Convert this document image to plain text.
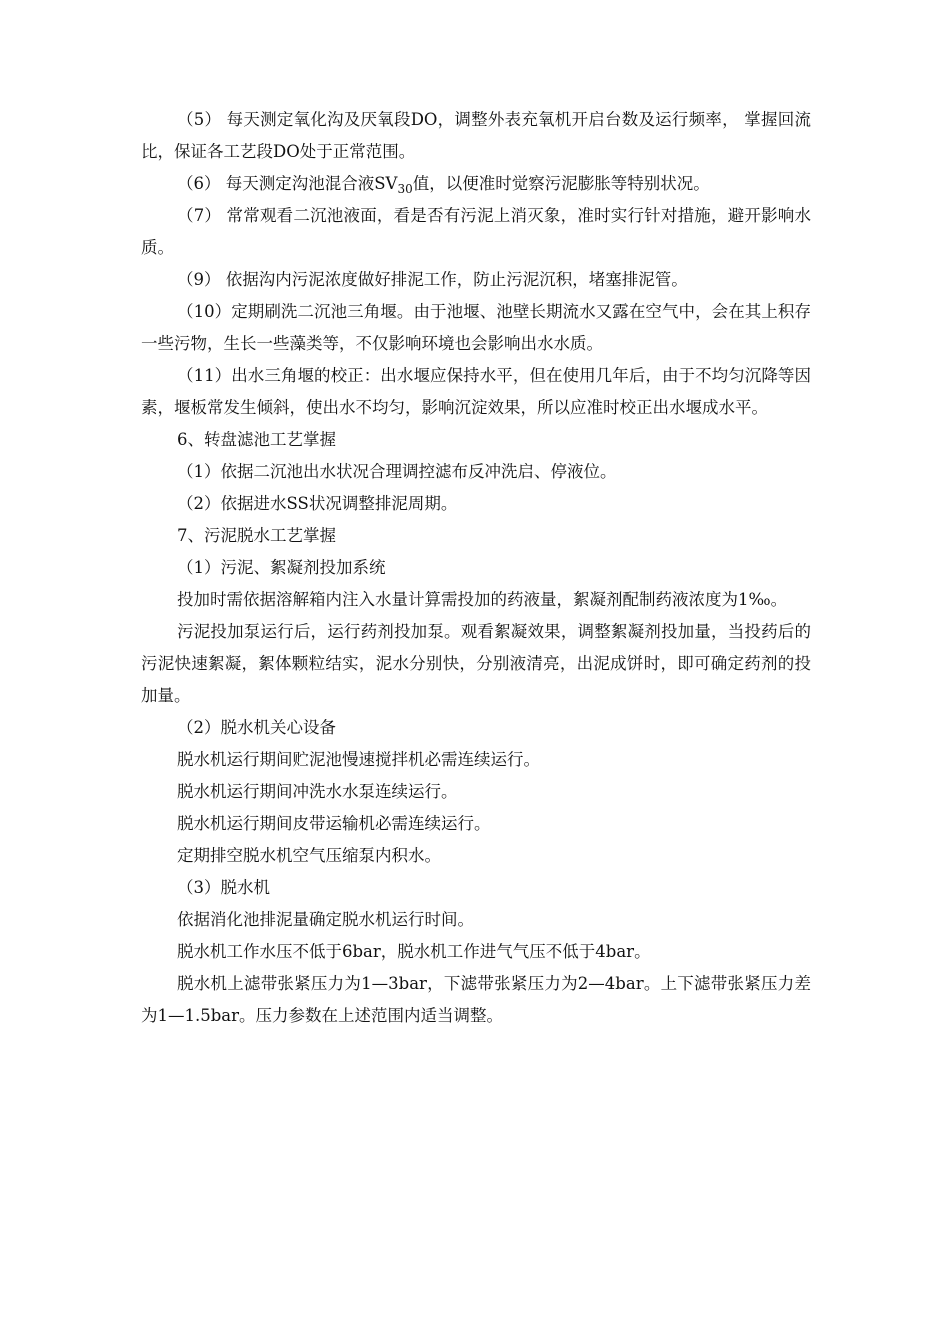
（5） 每天测定氧化沟及厌氧段DO，调整外表充氧机开启台数及运行频率， 掌握回流比，保证各工艺段DO处于正常范围。

（6） 每天测定沟池混合液$SV_{30}$值，以便准时觉察污泥膨胀等特别状况。

（7） 常常观看二沉池液面，看是否有污泥上消灭象，准时实行针对措施，避开影响水质。

（9） 依据沟内污泥浓度做好排泥工作，防止污泥沉积，堵塞排泥管。

（10）定期刷洗二沉池三角堰。由于池堰、池壁长期流水又露在空气中，会在其上积存一些污物，生长一些藻类等，不仅影响环境也会影响出水水质。

（11）出水三角堰的校正：出水堰应保持水平，但在使用几年后，由于不均匀沉降等因素，堰板常发生倾斜，使出水不均匀，影响沉淀效果，所以应准时校正出水堰成水平。

6、转盘滤池工艺掌握

（1）依据二沉池出水状况合理调控滤布反冲洗启、停液位。

（2）依据进水SS状况调整排泥周期。

7、污泥脱水工艺掌握

（1）污泥、絮凝剂投加系统

投加时需依据溶解箱内注入水量计算需投加的药液量，絮凝剂配制药液浓度为1‰。

污泥投加泵运行后，运行药剂投加泵。观看絮凝效果，调整絮凝剂投加量，当投药后的污泥快速絮凝，絮体颗粒结实，泥水分别快，分别液清亮，出泥成饼时，即可确定药剂的投加量。

（2）脱水机关心设备

脱水机运行期间贮泥池慢速搅拌机必需连续运行。

脱水机运行期间冲洗水水泵连续运行。

脱水机运行期间皮带运输机必需连续运行。

定期排空脱水机空气压缩泵内积水。

（3）脱水机

依据消化池排泥量确定脱水机运行时间。

脱水机工作水压不低于6bar，脱水机工作进气气压不低于4bar。

脱水机上滤带张紧压力为1—3bar，下滤带张紧压力为2—4bar。上下滤带张紧压力差为1—1.5bar。压力参数在上述范围内适当调整。
